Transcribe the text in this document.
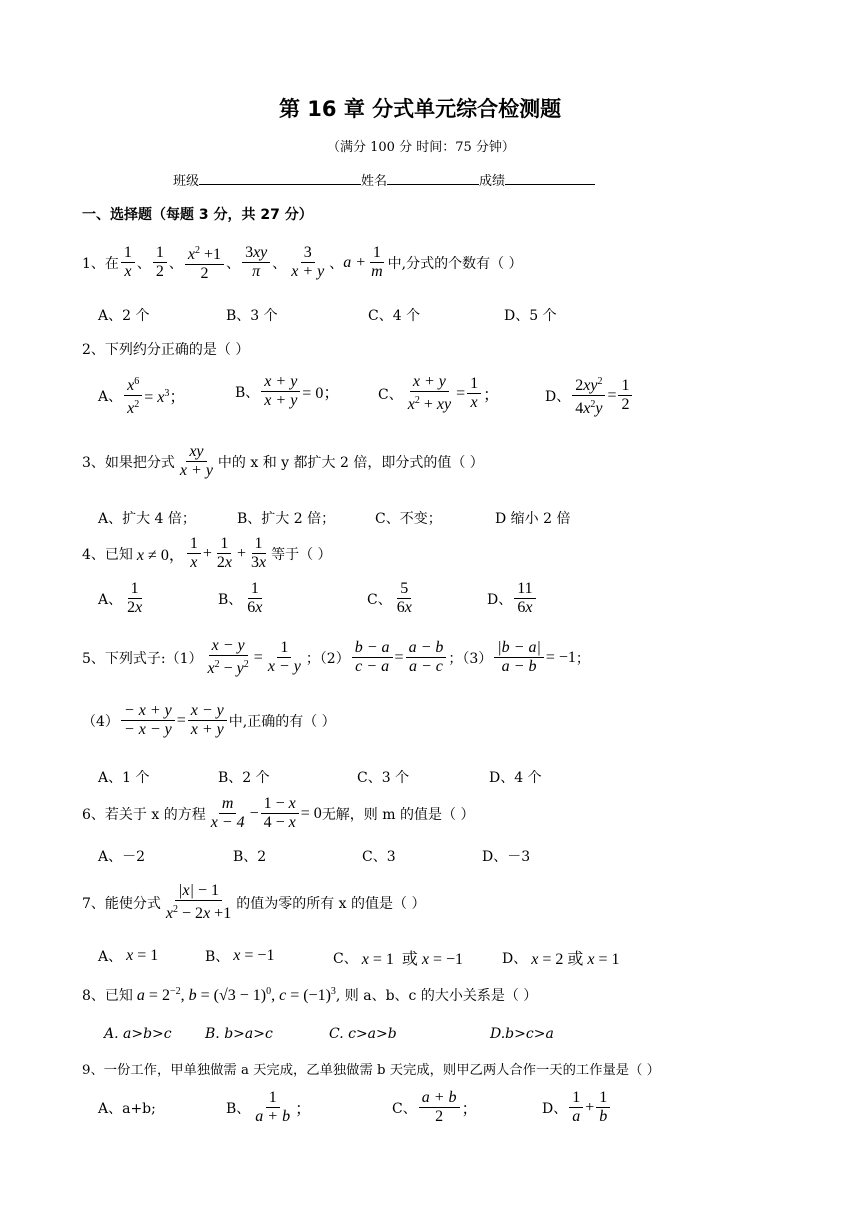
第 16 章 分式单元综合检测题
（满分 100 分 时间：75 分钟）
班级	姓名	成绩
一、选择题（每题 3 分，共 27 分）
1、在
1
x 、
1
2 、
$x^2 +1$
2
、
3xy
π 、
3
x + y 、 $a + \frac{1}{m}$ 中,分式的个数有（ ）
A、2 个	B、3 个	C、4 个	D、5 个
2、下列约分正确的是（ ）
A、 $\frac{x^6}{x^2} = x^3$；	B、 $\frac{x + y}{x + y} = 0$；	C、 $\frac{x + y}{x^2 + xy} = \frac{1}{x}$ ；	D、 $\frac{2xy^2}{4x^2y} = \frac{1}{2}$
3、如果把分式
xy
x + y 中的 x 和 y 都扩大 2 倍，即分式的值（ ）
A、扩大 4 倍；	B、扩大 2 倍；	C、不变；	D 缩小 2 倍
4、已知 x ≠ 0，
1
x
+ $\frac{1}{2x} + \frac{1}{3x}$ 等于（ ）
A、
1
2x	B、
1
6x	C、
5
6x	D、
11
6x
5、下列式子:（1） $\frac{x - y}{x^2 - y^2} = \frac{1}{x - y}$ ；$(2) \frac{b - a}{c - a} = \frac{a - b}{a - c}$ ；$(3) \frac{|b - a|}{a - b} = -1$ ；
$(4) \frac{- x + y}{- x - y} = \frac{x - y}{x + y}$ 中,正确的有（ ）
A、1 个	B、2 个	C、3 个	D、4 个
6、若关于 x 的方程
m
x − 4
− $\frac{1 - x}{4 - x} = 0$ 无解，则 m 的值是（ ）
A、－2	B、2	C、3	D、－3
7、能使分式
|x| − 1
$x^2 - 2x +1$
的值为零的所有 x 的值是（ ）
A、 x = 1	B、 x = −1	C、 x = 1  或 x = −1	D、 x = 2 或 x = 1
8、已知 $a = 2^{-2}$, $b = (√3 - 1)^0$, $c = (-1)^3$ , 则 a、b、c 的大小关系是（ ）
A. a>b>c B. b>a>c	C. c>a>b	D.b>c>a
9、一份工作，甲单独做需 a 天完成，乙单独做需 b 天完成，则甲乙两人合作一天的工作量是（ ）
A、a+b;	B、
1
a + b ；	C、
a + b
2 ；	D、
1
a
+ $\frac{1}{b}$
